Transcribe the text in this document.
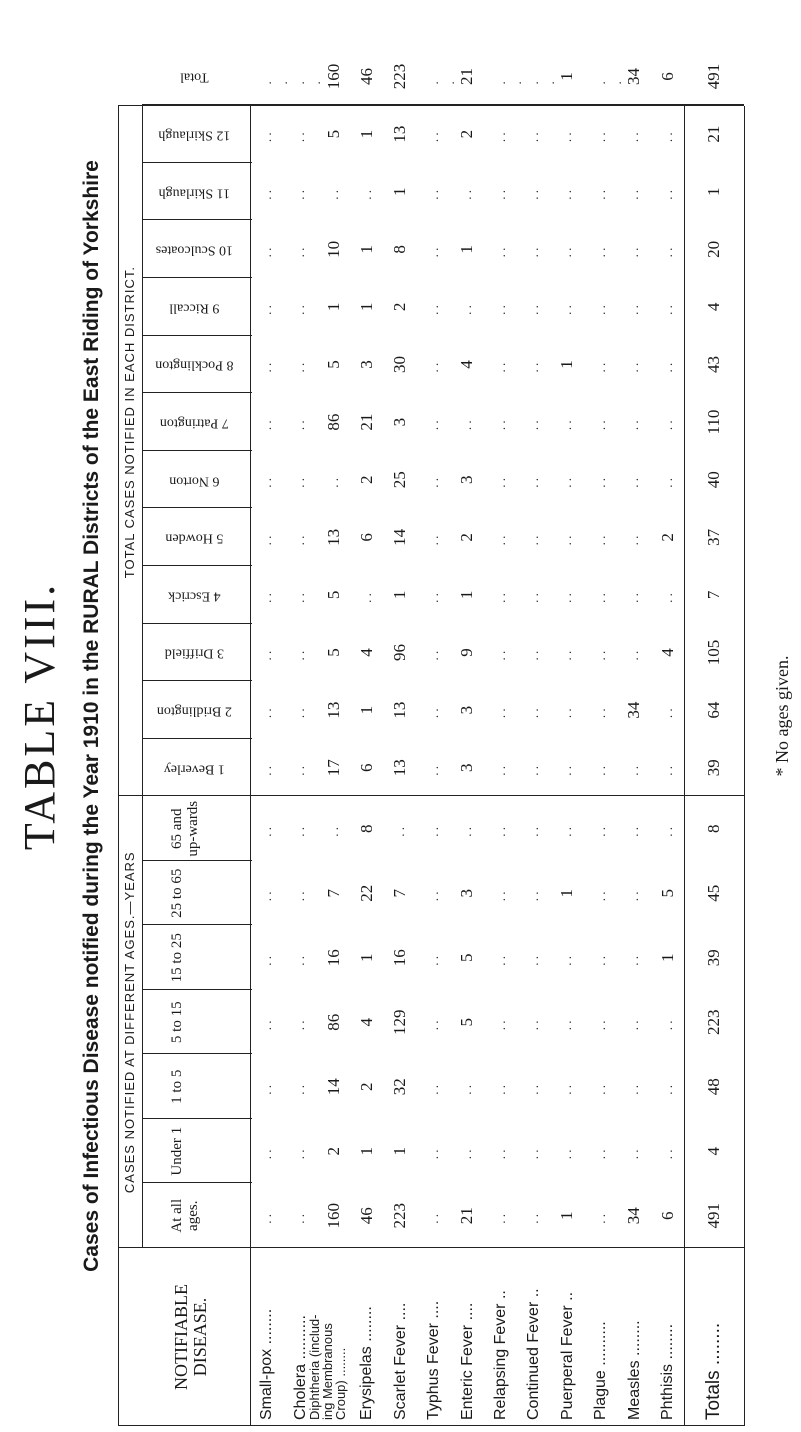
TABLE VIII. Cases of Infectious Disease notified during the Year 1910 in the RURAL Districts of the East Riding of Yorkshire
NOTIFIABLE DISEASE.
CASES NOTIFIED AT DIFFERENT AGES.—YEARS
TOTAL CASES NOTIFIED IN EACH DISTRICT.
At all ages.
Under 1
1 to 5
5 to 15
15 to 25
25 to 65
65 and up-wards
1 Beverley
2 Bridlington
3 Driffield
4 Escrick
5 Howden
6 Norton
7 Patrington
8 Pocklington
9 Riccall
10 Sculcoates
11 Skirlaugh
12 Skirlaugh
Total
Small-pox ........
. .
. .
. .
. .
. .
. .
. .
. .
. .
. .
. .
. .
. .
. .
. .
. .
. .
. .
. .
. .
Cholera ..........
. .
. .
. .
. .
. .
. .
. .
. .
. .
. .
. .
. .
. .
. .
. .
. .
. .
. .
. .
. .
Diphtheria (includ-
ing Membranous
Croup) ........
160
2
14
86
16
7
. .
17
13
5
5
13
. .
86
5
1
10
. .
5
160
Erysipelas ........
46
1
2
4
1
22
8
6
1
4
. .
6
2
21
3
1
1
. .
1
46
Scarlet Fever ....
223
1
32
129
16
7
. .
13
13
96
1
14
25
3
30
2
8
1
13
223
Typhus Fever ....
. .
. .
. .
. .
. .
. .
. .
. .
. .
. .
. .
. .
. .
. .
. .
. .
. .
. .
. .
. .
Enteric Fever ....
21
. .
. .
5
5
3
. .
3
3
9
1
2
3
. .
4
. .
1
. .
2
21
Relapsing Fever ..
. .
. .
. .
. .
. .
. .
. .
. .
. .
. .
. .
. .
. .
. .
. .
. .
. .
. .
. .
. .
Continued Fever ..
. .
. .
. .
. .
. .
. .
. .
. .
. .
. .
. .
. .
. .
. .
. .
. .
. .
. .
. .
. .
Puerperal Fever ..
1
. .
. .
. .
. .
1
. .
. .
. .
. .
. .
. .
. .
. .
1
. .
. .
. .
. .
1
Plague ..........
. .
. .
. .
. .
. .
. .
. .
. .
. .
. .
. .
. .
. .
. .
. .
. .
. .
. .
. .
. .
Measles ........
34
. .
. .
. .
. .
. .
. .
. .
34
. .
. .
. .
. .
. .
. .
. .
. .
. .
. .
34
Phthisis ........
6
. .
. .
. .
1
5
. .
. .
. .
4
. .
2
. .
. .
. .
. .
. .
. .
. .
6
Totals ........
491
4
48
223
39
45
8
39
64
105
7
37
40
110
43
4
20
1
21
491
* No ages given.
